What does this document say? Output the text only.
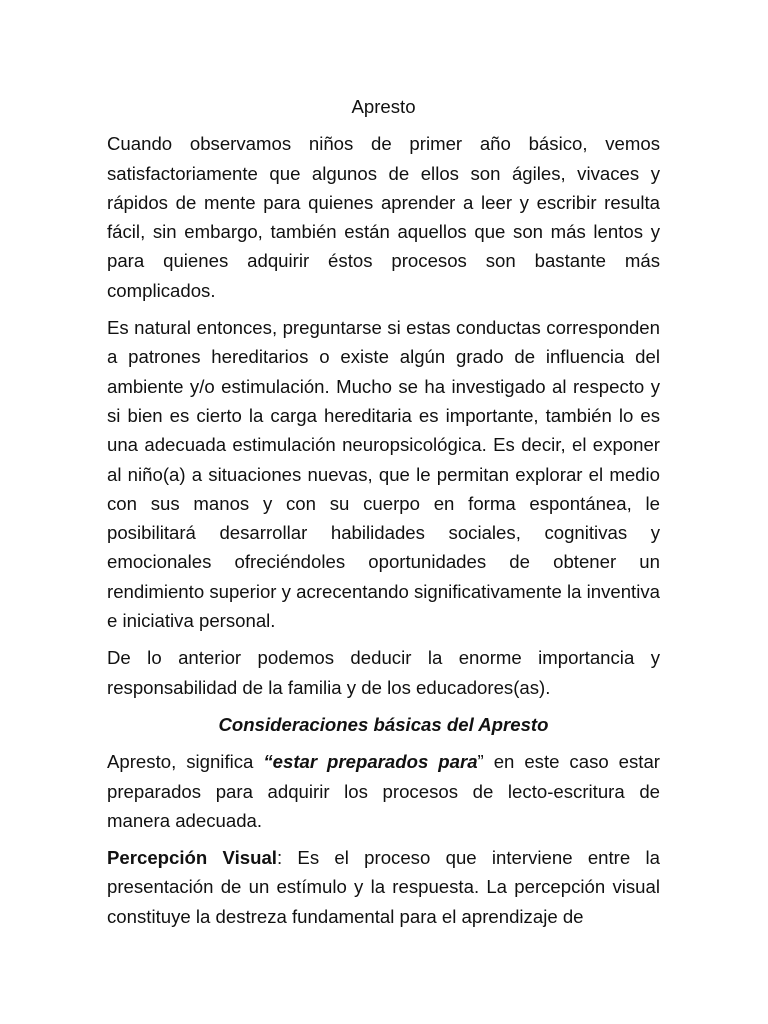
Apresto

Cuando observamos niños de primer año básico, vemos satisfactoriamente que algunos de ellos son ágiles, vivaces y rápidos de mente para quienes aprender a leer y escribir resulta fácil, sin embargo, también están aquellos que son más lentos y para quienes adquirir éstos procesos son bastante más complicados.

Es natural entonces, preguntarse si estas conductas corresponden a patrones hereditarios o existe algún grado de influencia del ambiente y/o estimulación. Mucho se ha investigado al respecto y si bien es cierto la carga hereditaria es importante, también lo es una adecuada estimulación neuropsicológica. Es decir, el exponer al niño(a) a situaciones nuevas, que le permitan explorar el medio con sus manos y con su cuerpo en forma espontánea, le posibilitará desarrollar habilidades sociales, cognitivas y emocionales ofreciéndoles oportunidades de obtener un rendimiento superior y acrecentando significativamente la inventiva e iniciativa personal.

De lo anterior podemos deducir la enorme importancia y responsabilidad de la familia y de los educadores(as).

Consideraciones básicas del Apresto

Apresto, significa “estar preparados para” en este caso estar preparados para adquirir los procesos de lecto-escritura de manera adecuada.

Percepción Visual: Es el proceso que interviene entre la presentación de un estímulo y la respuesta. La percepción visual constituye la destreza fundamental para el aprendizaje de
